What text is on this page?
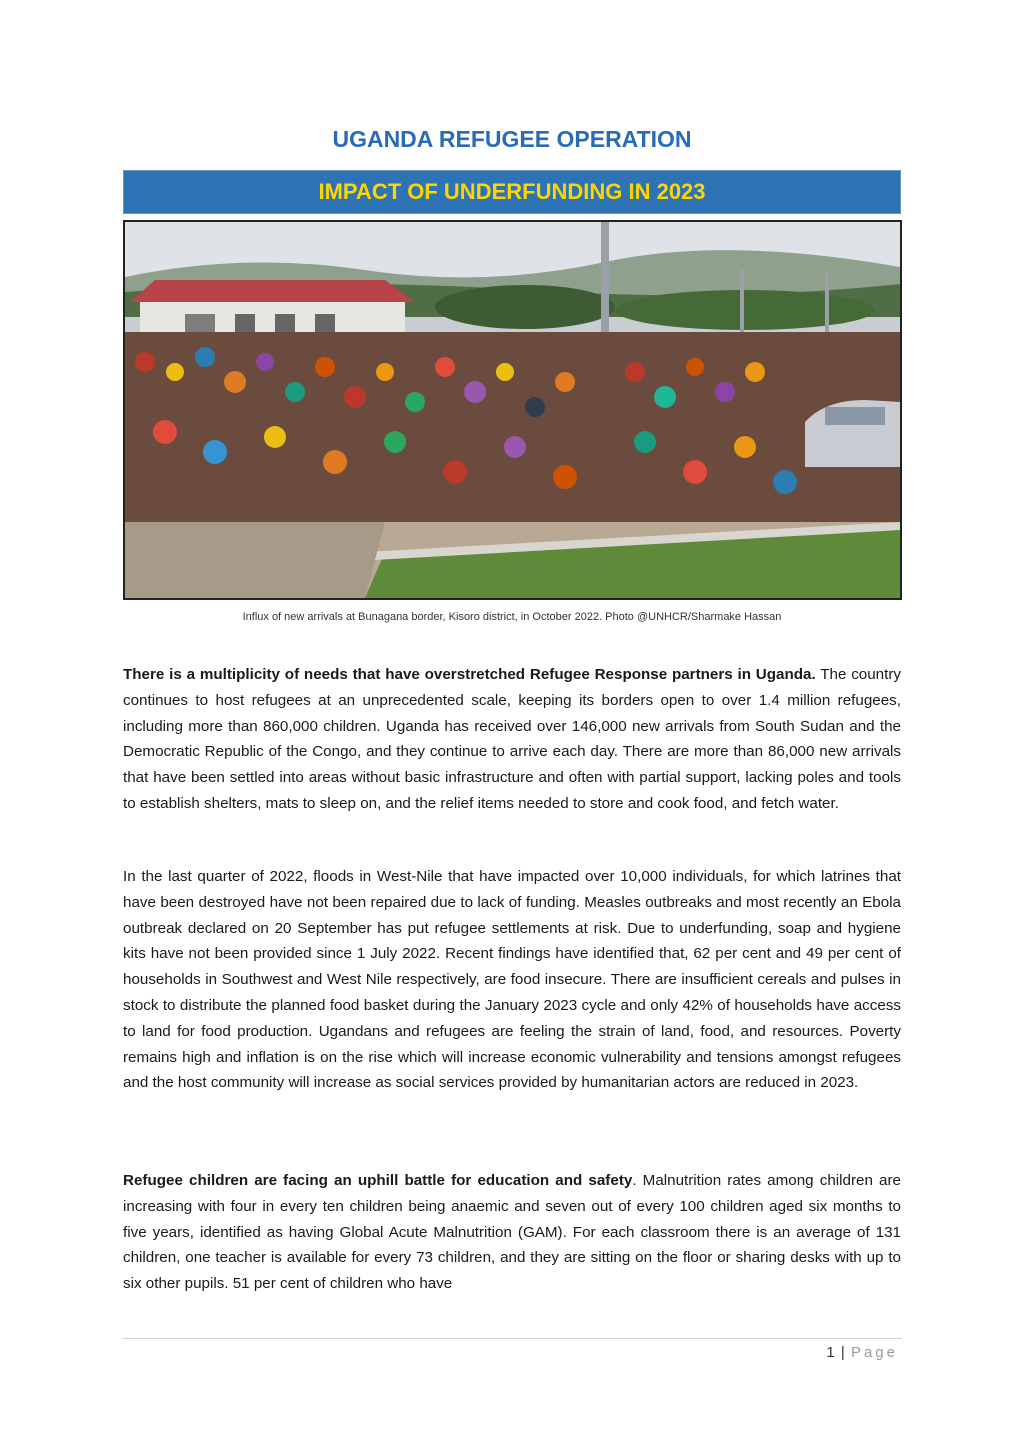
UGANDA REFUGEE OPERATION
IMPACT OF UNDERFUNDING IN 2023
Influx of new arrivals at Bunagana border, Kisoro district, in October 2022. Photo @UNHCR/Sharmake Hassan
There is a multiplicity of needs that have overstretched Refugee Response partners in Uganda. The country continues to host refugees at an unprecedented scale, keeping its borders open to over 1.4 million refugees, including more than 860,000 children. Uganda has received over 146,000 new arrivals from South Sudan and the Democratic Republic of the Congo, and they continue to arrive each day. There are more than 86,000 new arrivals that have been settled into areas without basic infrastructure and often with partial support, lacking poles and tools to establish shelters, mats to sleep on, and the relief items needed to store and cook food, and fetch water.
In the last quarter of 2022, floods in West-Nile that have impacted over 10,000 individuals, for which latrines that have been destroyed have not been repaired due to lack of funding. Measles outbreaks and most recently an Ebola outbreak declared on 20 September has put refugee settlements at risk. Due to underfunding, soap and hygiene kits have not been provided since 1 July 2022. Recent findings have identified that, 62 per cent and 49 per cent of households in Southwest and West Nile respectively, are food insecure. There are insufficient cereals and pulses in stock to distribute the planned food basket during the January 2023 cycle and only 42% of households have access to land for food production. Ugandans and refugees are feeling the strain of land, food, and resources. Poverty remains high and inflation is on the rise which will increase economic vulnerability and tensions amongst refugees and the host community will increase as social services provided by humanitarian actors are reduced in 2023.
Refugee children are facing an uphill battle for education and safety. Malnutrition rates among children are increasing with four in every ten children being anaemic and seven out of every 100 children aged six months to five years, identified as having Global Acute Malnutrition (GAM). For each classroom there is an average of 131 children, one teacher is available for every 73 children, and they are sitting on the floor or sharing desks with up to six other pupils. 51 per cent of children who have
1 | Page
